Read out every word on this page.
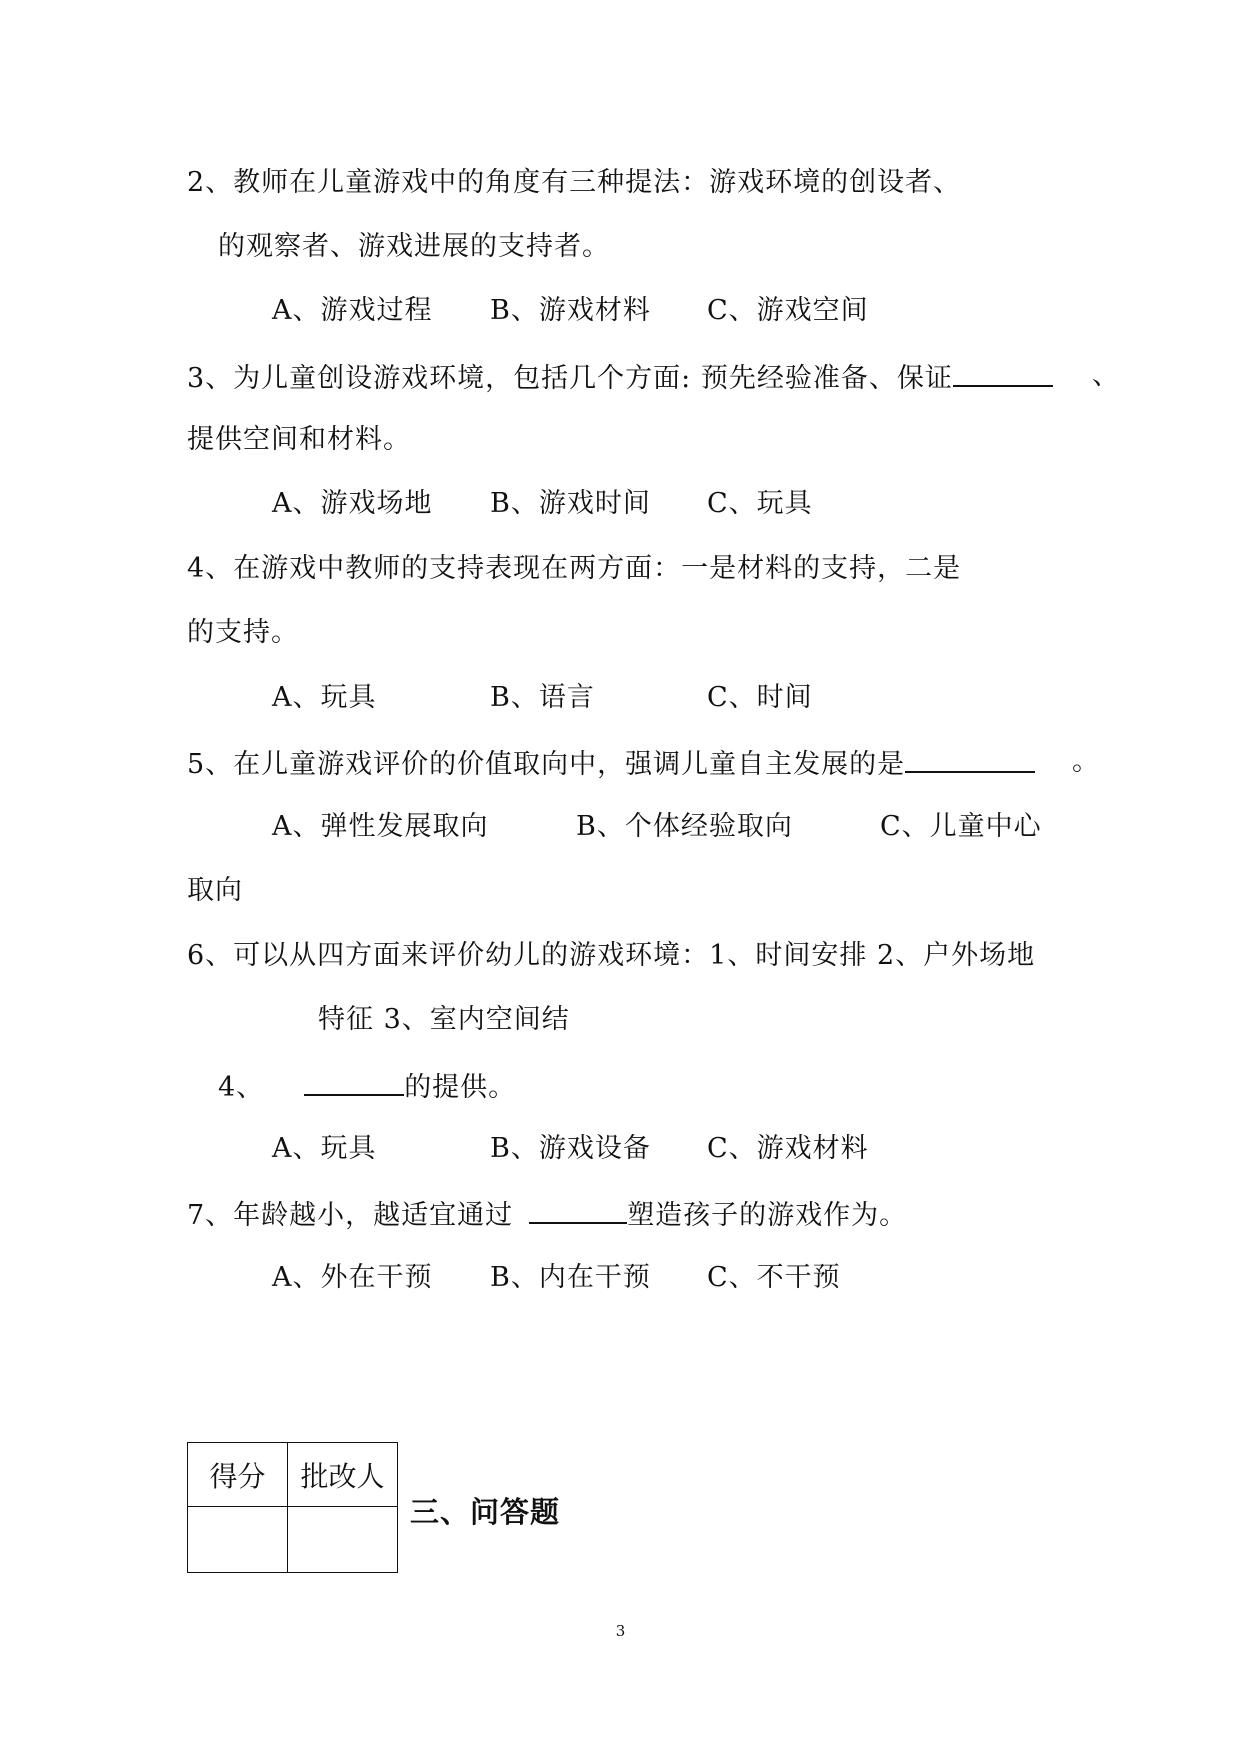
2、教师在儿童游戏中的角度有三种提法：游戏环境的创设者、
的观察者、游戏进展的支持者。
A、游戏过程 B、游戏材料 C、游戏空间
3、为儿童创设游戏环境，包括几个方面: 预先经验准备、保证	、
提供空间和材料。
A、游戏场地 B、游戏时间 C、玩具
4、在游戏中教师的支持表现在两方面：一是材料的支持，二是
的支持。
A、玩具	B、语言	C、时间
5、在儿童游戏评价的价值取向中，强调儿童自主发展的是	。
A、弹性发展取向	B、个体经验取向	C、儿童中心
取向
6、可以从四方面来评价幼儿的游戏环境：1、时间安排 2、户外场地
特征 3、室内空间结
4、	的提供。
A、玩具	B、游戏设备 C、游戏材料
7、年龄越小，越适宜通过	塑造孩子的游戏作为。
A、外在干预 B、内在干预 C、不干预
得分	批改人

三、问答题
3
